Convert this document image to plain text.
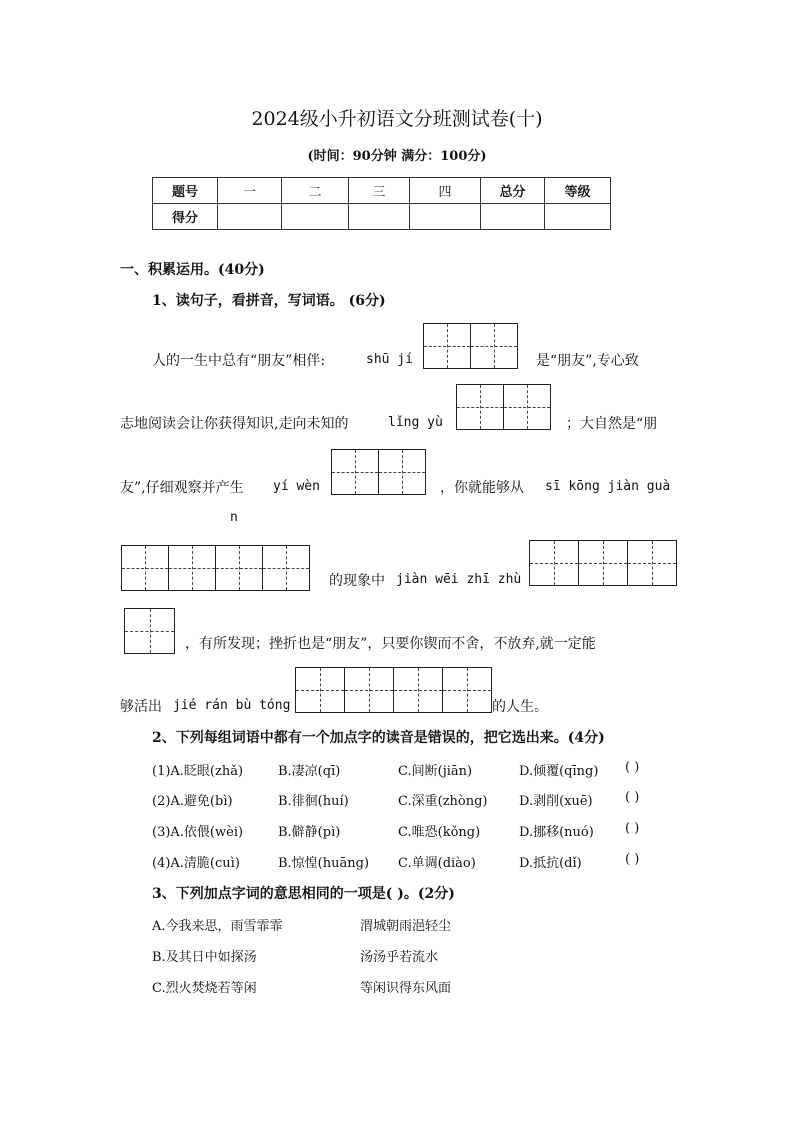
2024级小升初语文分班测试卷(十)
(时间：90分钟 满分：100分)
题号	一	二	三	四	总分	等级
得分						
一、积累运用。(40分)
1、读句子，看拼音，写词语。 (6分)
人的一生中总有“朋友”相伴:	shū jí	是“朋友”,专心致
志地阅读会让你获得知识,走向未知的	lǐng yù	；大自然是“朋
友”,仔细观察并产生 yí wèn	，你就能够从 sī kōng jiàn guà
n
的现象中 jiàn wēi zhī zhù
，有所发现；挫折也是“朋友”，只要你锲而不舍，不放弃,就一定能
够活出 jié rán bù tóng	的人生。
2、下列每组词语中都有一个加点字的读音是错误的，把它选出来。(4分)
(1)A.眨眼(zhǎ)	B.凄凉(qī)	C.间断(jiān)	D.倾覆(qīng) ( )
(2)A.避免(bì)	B.徘徊(huí)	C.深重(zhòng) D.剥削(xuē) ( )
(3)A.依偎(wèi)	B.僻静(pì)	C.唯恐(kǒng)	D.挪移(nuó) ( )
(4)A.清脆(cuì)	B.惊惶(huāng) C.单调(diào)	D.抵抗(dǐ)	( )
3、下列加点字词的意思相同的一项是( )。(2分)
A.今我来思，雨雪霏霏	渭城朝雨浥轻尘
B.及其日中如探汤	汤汤乎若流水
C.烈火焚烧若等闲	等闲识得东风面
